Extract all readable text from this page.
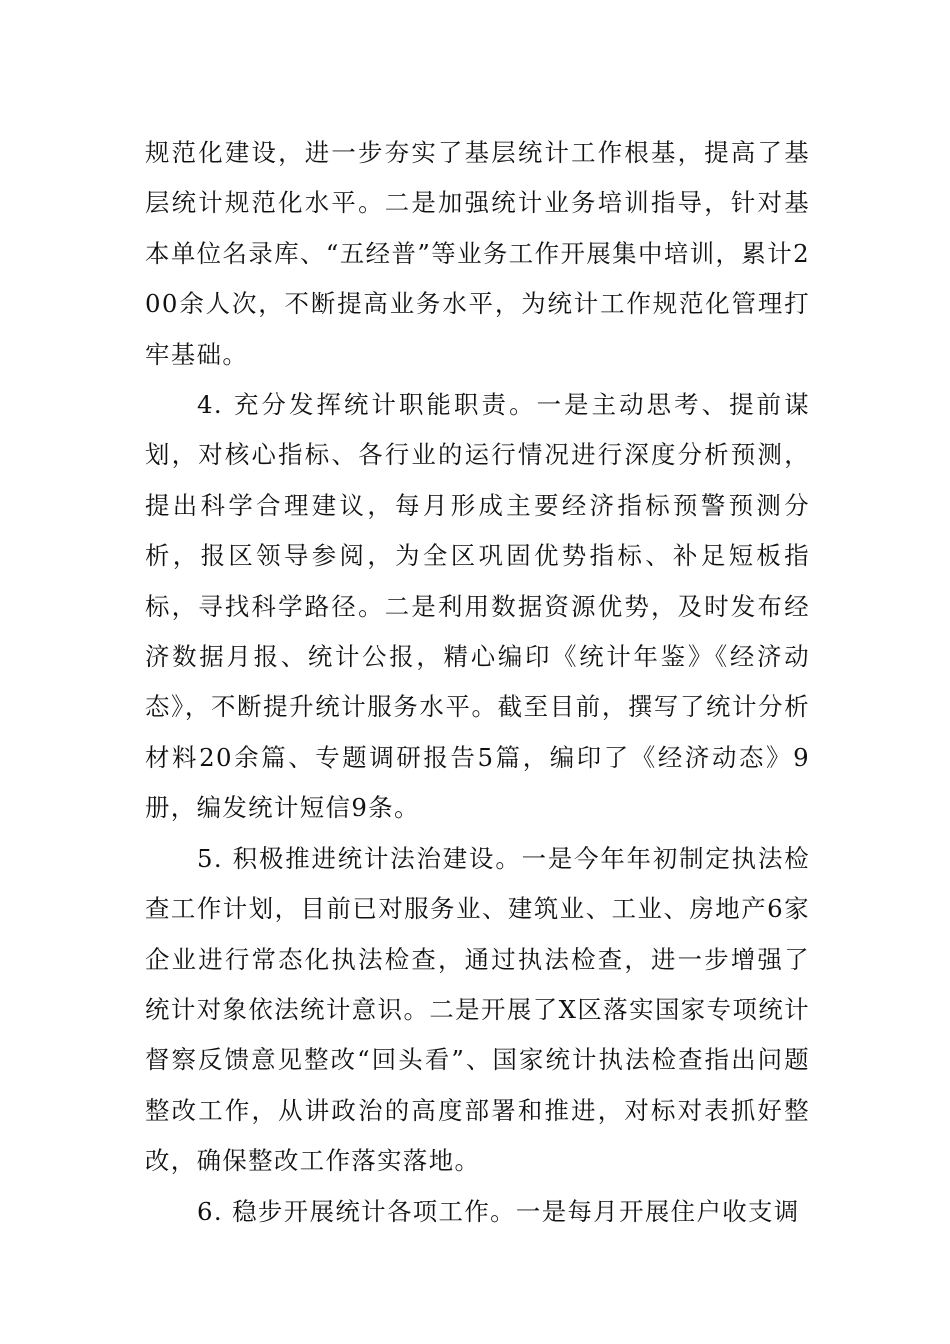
规范化建设，进一步夯实了基层统计工作根基，提高了基层统计规范化水平。二是加强统计业务培训指导，针对基本单位名录库、“五经普”等业务工作开展集中培训，累计200余人次，不断提高业务水平，为统计工作规范化管理打牢基础。

4. 充分发挥统计职能职责。一是主动思考、提前谋划，对核心指标、各行业的运行情况进行深度分析预测，提出科学合理建议，每月形成主要经济指标预警预测分析，报区领导参阅，为全区巩固优势指标、补足短板指标，寻找科学路径。二是利用数据资源优势，及时发布经济数据月报、统计公报，精心编印《统计年鉴》《经济动态》，不断提升统计服务水平。截至目前，撰写了统计分析材料20余篇、专题调研报告5篇，编印了《经济动态》9册，编发统计短信9条。

5. 积极推进统计法治建设。一是今年年初制定执法检查工作计划，目前已对服务业、建筑业、工业、房地产6家企业进行常态化执法检查，通过执法检查，进一步增强了统计对象依法统计意识。二是开展了X区落实国家专项统计督察反馈意见整改“回头看”、国家统计执法检查指出问题整改工作，从讲政治的高度部署和推进，对标对表抓好整改，确保整改工作落实落地。

6. 稳步开展统计各项工作。一是每月开展住户收支调
